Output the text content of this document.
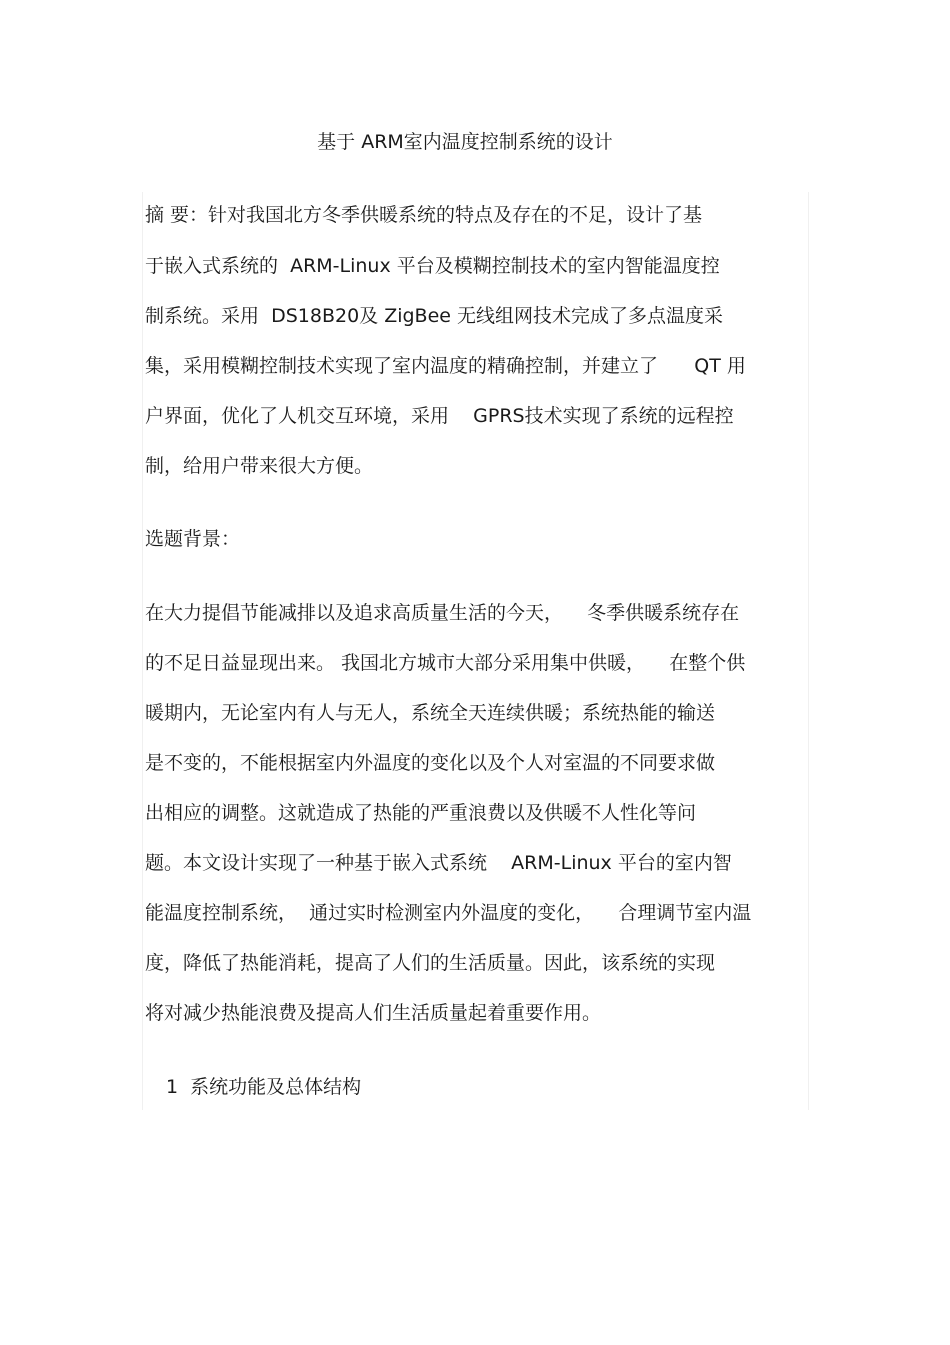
基于 ARM室内温度控制系统的设计
摘 要：针对我国北方冬季供暖系统的特点及存在的不足，设计了基
于嵌入式系统的  ARM-Linux 平台及模糊控制技术的室内智能温度控
制系统。采用  DS18B20及 ZigBee 无线组网技术完成了多点温度采
集，采用模糊控制技术实现了室内温度的精确控制，并建立了      QT 用
户界面，优化了人机交互环境，采用    GPRS技术实现了系统的远程控
制，给用户带来很大方便。
选题背景：
在大力提倡节能减排以及追求高质量生活的今天，    冬季供暖系统存在
的不足日益显现出来。 我国北方城市大部分采用集中供暖，    在整个供
暖期内，无论室内有人与无人，系统全天连续供暖；系统热能的输送
是不变的，不能根据室内外温度的变化以及个人对室温的不同要求做
出相应的调整。这就造成了热能的严重浪费以及供暖不人性化等问
题。本文设计实现了一种基于嵌入式系统    ARM-Linux 平台的室内智
能温度控制系统，  通过实时检测室内外温度的变化，    合理调节室内温
度，降低了热能消耗，提高了人们的生活质量。因此，该系统的实现
将对减少热能浪费及提高人们生活质量起着重要作用。
1  系统功能及总体结构
